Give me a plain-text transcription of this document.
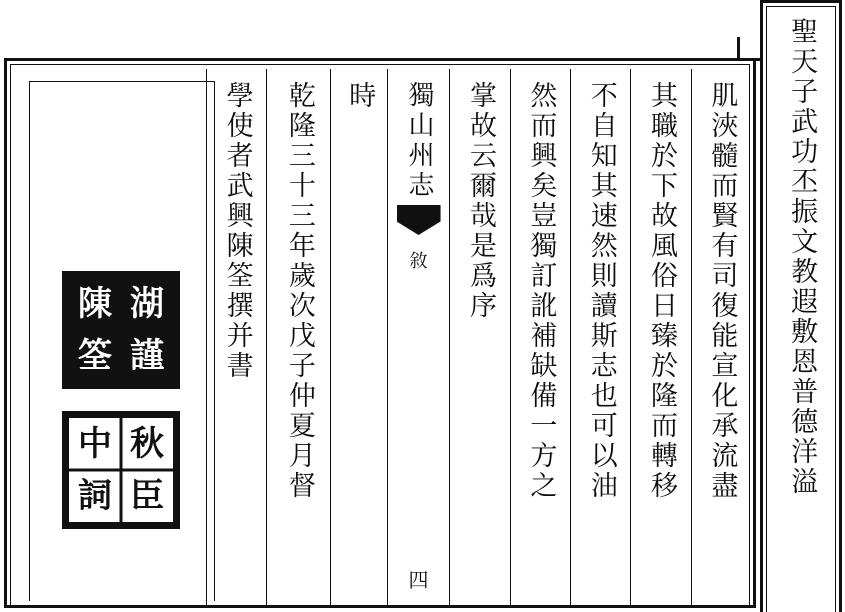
聖天子武功丕振文教遐敷恩普德洋溢
肌浹髓而賢有司復能宣化承流盡
其職於下故風俗日臻於隆而轉移
不自知其速然則讀斯志也可以油
然而興矣豈獨訂訛補缺備一方之
掌故云爾哉是爲序
獨山州志
敘
四
時
乾隆三十三年歲次戊子仲夏月督
學使者武興陳筌撰并書
陳 湖
筌 謹
中 秋
詞 臣
